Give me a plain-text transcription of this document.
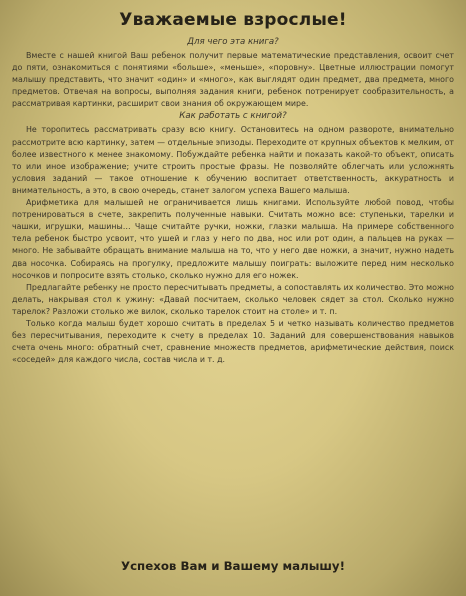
Уважаемые взрослые!
Для чего эта книга?

Вместе с нашей книгой Ваш ребенок получит первые математические представления, освоит счет до пяти, ознакомиться с понятиями «больше», «меньше», «поровну». Цветные иллюстрации помогут малышу представить, что значит «один» и «много», как выглядят один предмет, два предмета, много предметов. Отвечая на вопросы, выполняя задания книги, ребенок потренирует сообразительность, а рассматривая картинки, расширит свои знания об окружающем мире.

Как работать с книгой?

Не торопитесь рассматривать сразу всю книгу. Остановитесь на одном развороте, внимательно рассмотрите всю картинку, затем — отдельные эпизоды. Переходите от крупных объектов к мелким, от более известного к менее знакомому. Побуждайте ребенка найти и показать какой-то объект, описать то или иное изображение; учите строить простые фразы. Не позволяйте облегчать или усложнять условия заданий — такое отношение к обучению воспитает ответственность, аккуратность и внимательность, а это, в свою очередь, станет залогом успеха Вашего малыша.

Арифметика для малышей не ограничивается лишь книгами. Используйте любой повод, чтобы потренироваться в счете, закрепить полученные навыки. Считать можно все: ступеньки, тарелки и чашки, игрушки, машины… Чаще считайте ручки, ножки, глазки малыша. На примере собственного тела ребенок быстро усвоит, что ушей и глаз у него по два, нос или рот один, а пальцев на руках — много. Не забывайте обращать внимание малыша на то, что у него две ножки, а значит, нужно надеть два носочка. Собираясь на прогулку, предложите малышу поиграть: выложите перед ним несколько носочков и попросите взять столько, сколько нужно для его ножек.

Предлагайте ребенку не просто пересчитывать предметы, а сопоставлять их количество. Это можно делать, накрывая стол к ужину: «Давай посчитаем, сколько человек сядет за стол. Сколько нужно тарелок? Разложи столько же вилок, сколько тарелок стоит на столе» и т. п.

Только когда малыш будет хорошо считать в пределах 5 и четко называть количество предметов без пересчитывания, переходите к счету в пределах 10. Заданий для совершенствования навыков счета очень много: обратный счет, сравнение множеств предметов, арифметические действия, поиск «соседей» для каждого числа, состав числа и т. д.

Успехов Вам и Вашему малышу!
